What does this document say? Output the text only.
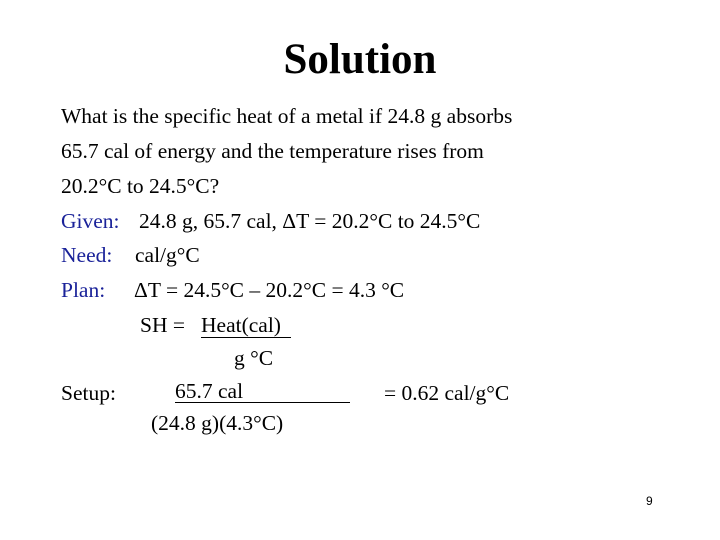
Solution
What is the specific heat of a metal if 24.8 g absorbs
65.7 cal of energy and the temperature rises from
20.2°C to 24.5°C?
Given: 24.8 g, 65.7 cal, ΔT = 20.2°C to 24.5°C
Need: cal/g°C
Plan: ΔT = 24.5°C – 20.2°C = 4.3 °C
SH = Heat(cal)
g °C
Setup:	65.7 cal
(24.8 g)(4.3°C)
= 0.62 cal/g°C
9
